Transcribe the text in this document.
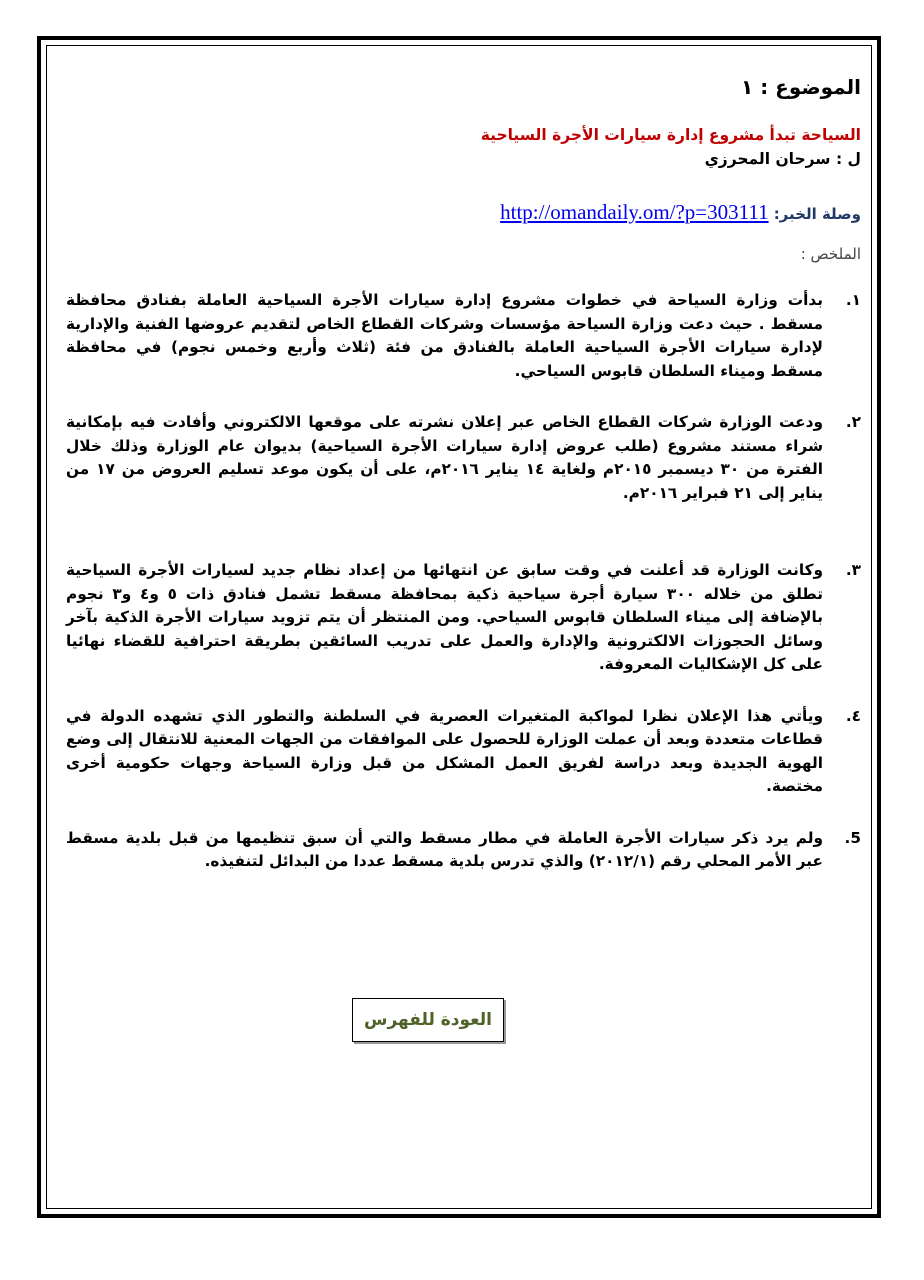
الموضوع : ١
السياحة تبدأ مشروع إدارة سيارات الأجرة السياحية
ل : سرحان المحرزي
وصلة الخبر: http://omandaily.om/?p=303111
الملخص :
١.
بدأت وزارة السياحة في خطوات مشروع إدارة سيارات الأجرة السياحية العاملة بفنادق محافظة مسقط . حيث دعت وزارة السياحة مؤسسات وشركات القطاع الخاص لتقديم عروضها الفنية والإدارية لإدارة سيارات الأجرة السياحية العاملة بالفنادق من فئة (ثلاث وأربع وخمس نجوم) في محافظة مسقط وميناء السلطان قابوس السياحي.
٢.
ودعت الوزارة شركات القطاع الخاص عبر إعلان نشرته على موقعها الالكتروني وأفادت فيه بإمكانية شراء مستند مشروع (طلب عروض إدارة سيارات الأجرة السياحية) بديوان عام الوزارة وذلك خلال الفترة من ٣٠ ديسمبر ٢٠١٥م ولغاية ١٤ يناير ٢٠١٦م، على أن يكون موعد تسليم العروض من ١٧ من يناير إلى ٢١ فبراير ٢٠١٦م.
٣.
وكانت الوزارة قد أعلنت في وقت سابق عن انتهائها من إعداد نظام جديد لسيارات الأجرة السياحية تطلق من خلاله ٣٠٠ سيارة أجرة سياحية ذكية بمحافظة مسقط تشمل فنادق ذات ٥ و٤ و٣ نجوم بالإضافة إلى ميناء السلطان قابوس السياحي. ومن المنتظر أن يتم تزويد سيارات الأجرة الذكية بآخر وسائل الحجوزات الالكترونية والإدارة والعمل على تدريب السائقين بطريقة احترافية للقضاء نهائيا على كل الإشكاليات المعروفة.
٤.
ويأتي هذا الإعلان نظرا لمواكبة المتغيرات العصرية في السلطنة والتطور الذي تشهده الدولة في قطاعات متعددة وبعد أن عملت الوزارة للحصول على الموافقات من الجهات المعنية للانتقال إلى وضع الهوية الجديدة وبعد دراسة لفريق العمل المشكل من قبل وزارة السياحة وجهات حكومية أخرى مختصة.
5.
ولم يرد ذكر سيارات الأجرة العاملة في مطار مسقط والتي أن سبق تنظيمها من قبل بلدية مسقط عبر الأمر المحلي رقم (٢٠١٢/١) والذي تدرس بلدية مسقط عددا من البدائل لتنفيذه.
العودة للفهرس
